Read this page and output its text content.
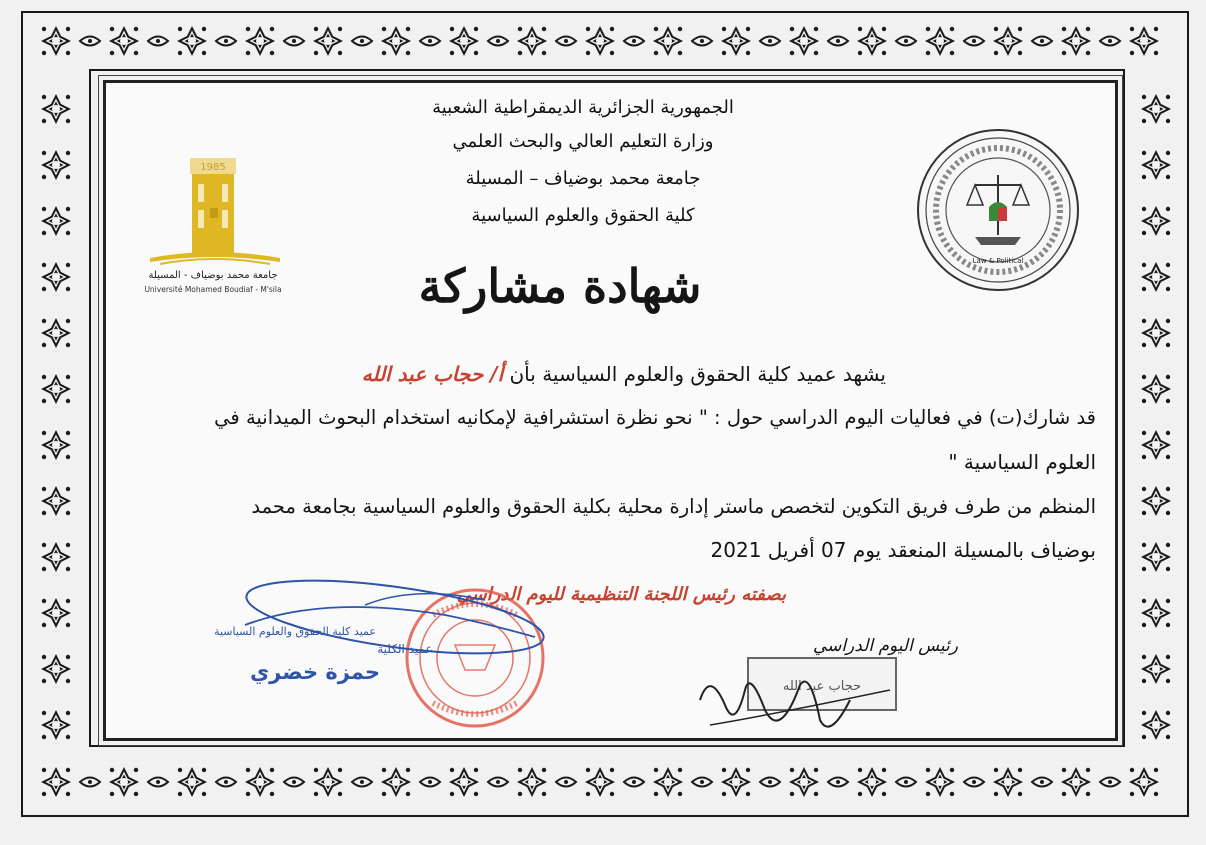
1985
جامعة محمد بوضياف - المسيلة
Université Mohamed Boudiaf - M'sila
Law & Political
الجمهورية الجزائرية الديمقراطية الشعبية
وزارة التعليم العالي والبحث العلمي
جامعة محمد بوضياف – المسيلة
كلية الحقوق والعلوم السياسية
شهادة مشاركة
يشهد عميد كلية الحقوق والعلوم السياسية بأن أ/ حجاب عبد الله
قد شارك(ت) في فعاليات اليوم الدراسي حول : " نحو نظرة استشرافية لإمكانيه استخدام البحوث الميدانية في
العلوم السياسية "
المنظم من طرف فريق التكوين لتخصص ماستر إدارة محلية بكلية الحقوق والعلوم السياسية بجامعة محمد
بوضياف بالمسيلة المنعقد يوم 07 أفريل 2021
بصفته رئيس اللجنة التنظيمية لليوم الدراسي
عميد كلية الحقوق والعلوم السياسية
عميد الكلية
حمزة خضري
رئيس اليوم الدراسي
حجاب عبد الله
